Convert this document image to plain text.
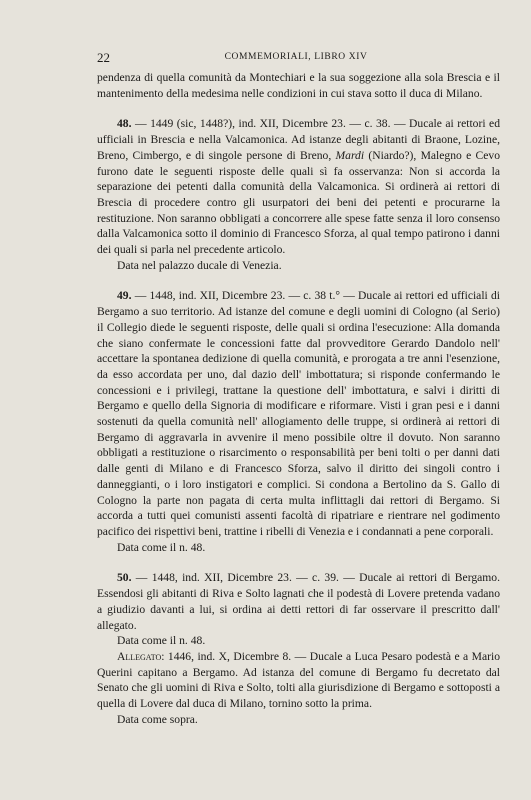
22	COMMEMORIALI, LIBRO XIV

pendenza di quella comunità da Montechiari e la sua soggezione alla sola Brescia e il mantenimento della medesima nelle condizioni in cui stava sotto il duca di Milano.

48. — 1449 (sic, 1448?), ind. XII, Dicembre 23. — c. 38. — Ducale ai rettori ed ufficiali in Brescia e nella Valcamonica. Ad istanze degli abitanti di Braone, Lozine, Breno, Cimbergo, e di singole persone di Breno, Mardi (Niardo?), Malegno e Cevo furono date le seguenti risposte delle quali sì fa osservanza: Non si accorda la separazione dei petenti dalla comunità della Valcamonica. Si ordinerà ai rettori di Brescia di procedere contro gli usurpatori dei beni dei petenti e procurarne la restituzione. Non saranno obbligati a concorrere alle spese fatte senza il loro consenso dalla Valcamonica sotto il dominio di Francesco Sforza, al qual tempo patirono i danni dei quali si parla nel precedente articolo.

Data nel palazzo ducale di Venezia.

49. — 1448, ind. XII, Dicembre 23. — c. 38 t.° — Ducale ai rettori ed ufficiali di Bergamo a suo territorio. Ad istanze del comune e degli uomini di Cologno (al Serio) il Collegio diede le seguenti risposte, delle quali si ordina l'esecuzione: Alla domanda che siano confermate le concessioni fatte dal provveditore Gerardo Dandolo nell' accettare la spontanea dedizione di quella comunità, e prorogata a tre anni l'esenzione, da esso accordata per uno, dal dazio dell' imbottatura; si risponde confermando le concessioni e i privilegi, trattane la questione dell' imbottatura, e salvi i diritti di Bergamo e quello della Signoria di modificare e riformare. Visti i gran pesi e i danni sostenuti da quella comunità nell' allogiamento delle truppe, si ordinerà ai rettori di Bergamo di aggravarla in avvenire il meno possibile oltre il dovuto. Non saranno obbligati a restituzione o risarcimento o responsabilità per beni tolti o per danni dati dalle genti di Milano e di Francesco Sforza, salvo il diritto dei singoli contro i danneggianti, o i loro instigatori e complici. Si condona a Bertolino da S. Gallo di Cologno la parte non pagata di certa multa inflittagli dai rettori di Bergamo. Si accorda a tutti quei comunisti assenti facoltà di ripatriare e rientrare nel godimento pacifico dei rispettivi beni, trattine i ribelli di Venezia e i condannati a pene corporali.

Data come il n. 48.

50. — 1448, ind. XII, Dicembre 23. — c. 39. — Ducale ai rettori di Bergamo. Essendosi gli abitanti di Riva e Solto lagnati che il podestà di Lovere pretenda vadano a giudizio davanti a lui, si ordina ai detti rettori di far osservare il prescritto dall' allegato.

Data come il n. 48.

Allegato: 1446, ind. X, Dicembre 8. — Ducale a Luca Pesaro podestà e a Mario Querini capitano a Bergamo. Ad istanza del comune di Bergamo fu decretato dal Senato che gli uomini di Riva e Solto, tolti alla giurisdizione di Bergamo e sottoposti a quella di Lovere dal duca di Milano, tornino sotto la prima.

Data come sopra.
